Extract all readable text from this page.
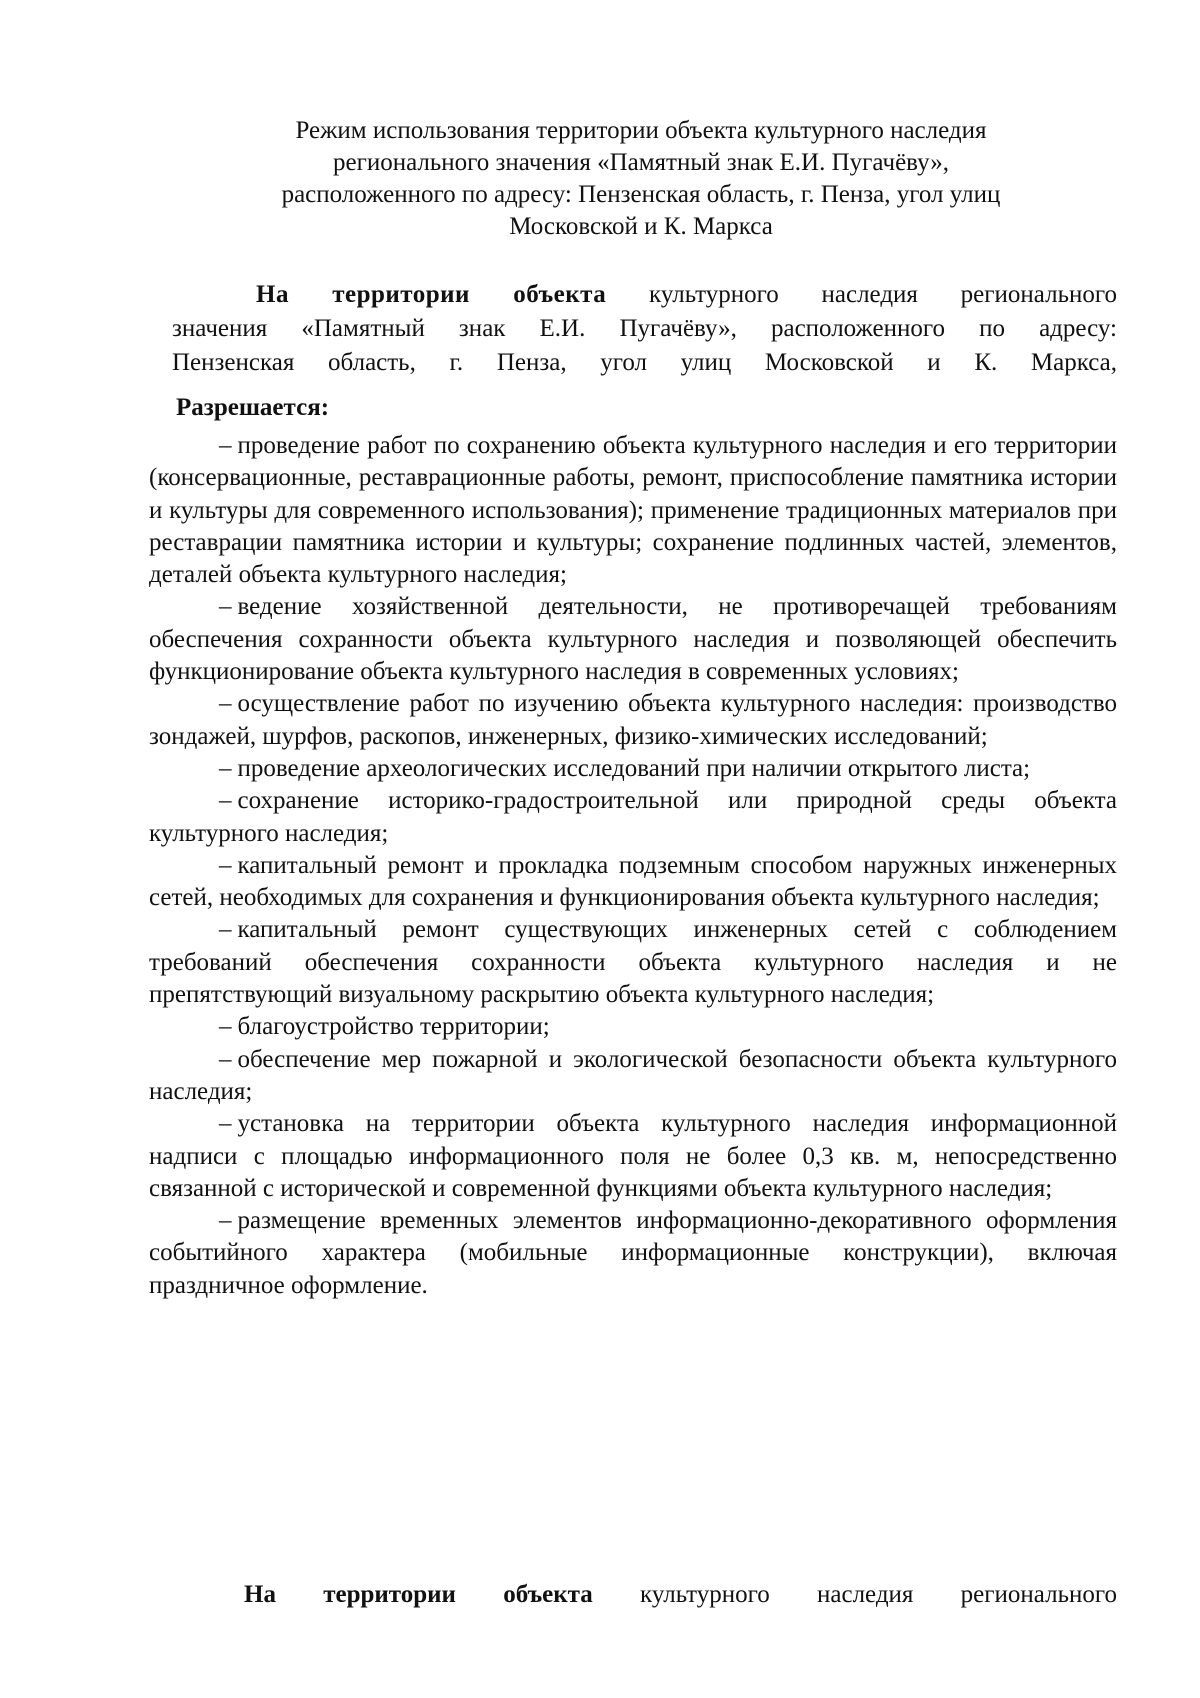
Режим использования территории объекта культурного наследия
регионального значения «Памятный знак Е.И. Пугачёву»,
расположенного по адресу: Пензенская область, г. Пенза, угол улиц
Московской и К. Маркса
На территории объекта культурного наследия регионального
значения «Памятный знак Е.И. Пугачёву», расположенного по адресу:
Пензенская область, г. Пенза, угол улиц Московской и К. Маркса,
Разрешается:

– проведение работ по сохранению объекта культурного наследия и его территории (консервационные, реставрационные работы, ремонт, приспособление памятника истории и культуры для современного использования); применение традиционных материалов при реставрации памятника истории и культуры; сохранение подлинных частей, элементов, деталей объекта культурного наследия;

– ведение хозяйственной деятельности, не противоречащей требованиям обеспечения сохранности объекта культурного наследия и позволяющей обеспечить функционирование объекта культурного наследия в современных условиях;

– осуществление работ по изучению объекта культурного наследия: производство зондажей, шурфов, раскопов, инженерных, физико-химических исследований;

– проведение археологических исследований при наличии открытого листа;

– сохранение историко-градостроительной или природной среды объекта культурного наследия;

– капитальный ремонт и прокладка подземным способом наружных инженерных сетей, необходимых для сохранения и функционирования объекта культурного наследия;

– капитальный ремонт существующих инженерных сетей с соблюдением требований обеспечения сохранности объекта культурного наследия и не препятствующий визуальному раскрытию объекта культурного наследия;

– благоустройство территории;

– обеспечение мер пожарной и экологической безопасности объекта культурного наследия;

– установка на территории объекта культурного наследия информационной надписи с площадью информационного поля не более 0,3 кв. м, непосредственно связанной с исторической и современной функциями объекта культурного наследия;

– размещение временных элементов информационно-декоративного оформления событийного характера (мобильные информационные конструкции), включая праздничное оформление.

На территории объекта культурного наследия регионального
